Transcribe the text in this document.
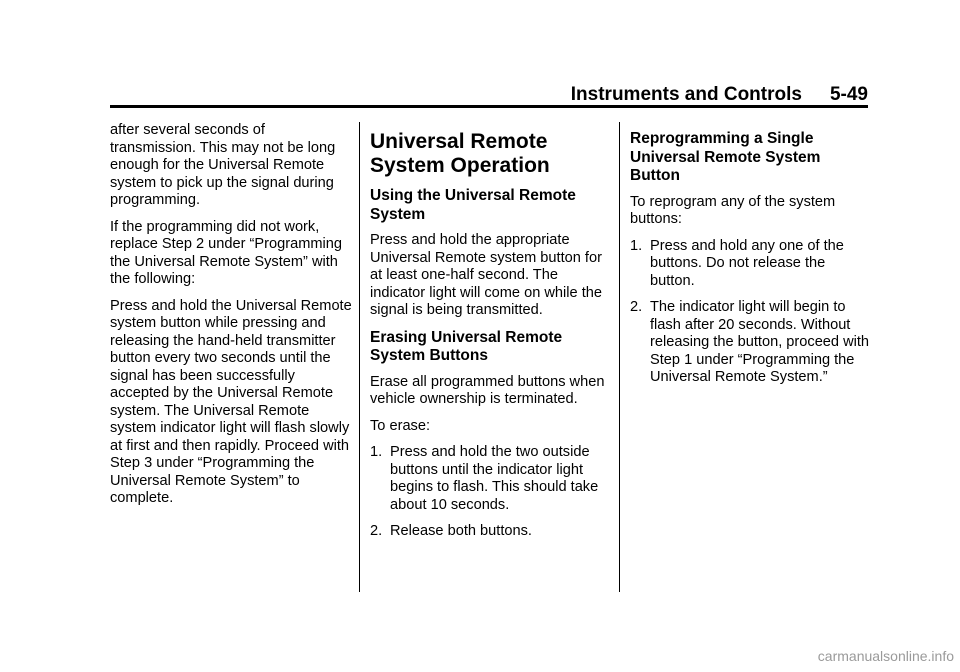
Instruments and Controls 5-49

after several seconds of transmission. This may not be long enough for the Universal Remote system to pick up the signal during programming.

If the programming did not work, replace Step 2 under “Programming the Universal Remote System” with the following:

Press and hold the Universal Remote system button while pressing and releasing the hand-held transmitter button every two seconds until the signal has been successfully accepted by the Universal Remote system. The Universal Remote system indicator light will flash slowly at first and then rapidly. Proceed with Step 3 under “Programming the Universal Remote System” to complete.

Universal Remote System Operation
Using the Universal Remote System

Press and hold the appropriate Universal Remote system button for at least one-half second. The indicator light will come on while the signal is being transmitted.

Erasing Universal Remote System Buttons

Erase all programmed buttons when vehicle ownership is terminated.

To erase:

1. Press and hold the two outside buttons until the indicator light begins to flash. This should take about 10 seconds.
2. Release both buttons.
Reprogramming a Single Universal Remote System Button

To reprogram any of the system buttons:

1. Press and hold any one of the buttons. Do not release the button.
2. The indicator light will begin to flash after 20 seconds. Without releasing the button, proceed with Step 1 under “Programming the Universal Remote System.”
carmanualsonline.info
